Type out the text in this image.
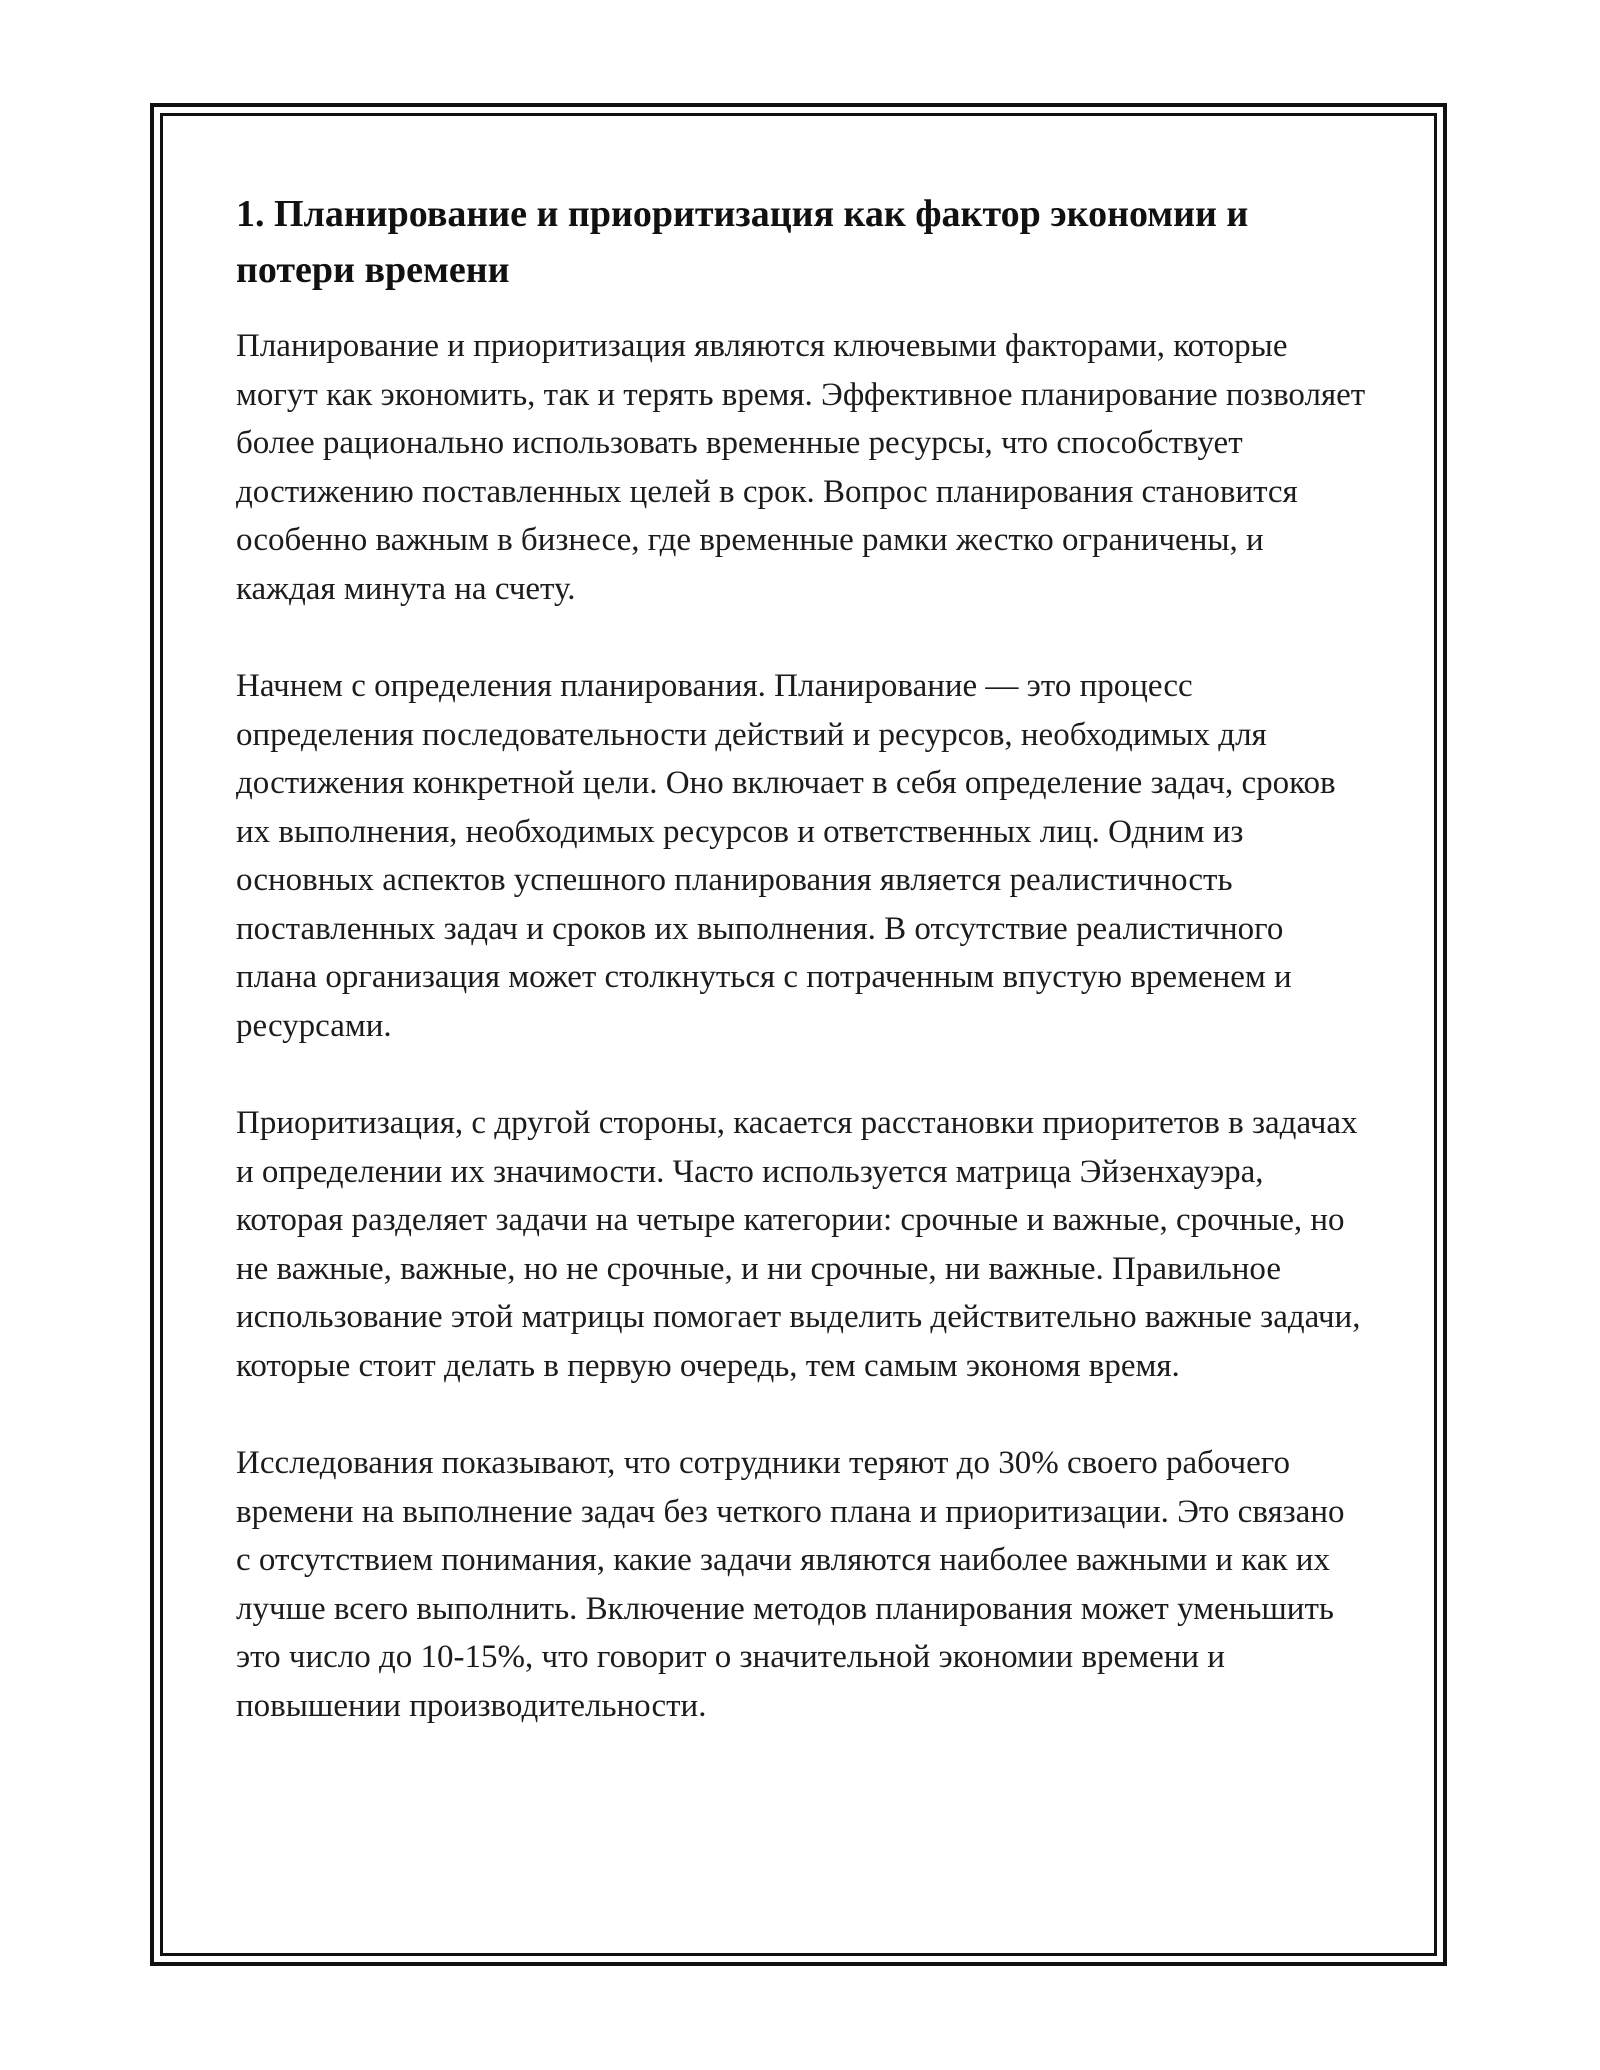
1. Планирование и приоритизация как фактор экономии и потери времени

Планирование и приоритизация являются ключевыми факторами, которые могут как экономить, так и терять время. Эффективное планирование позволяет более рационально использовать временные ресурсы, что способствует достижению поставленных целей в срок. Вопрос планирования становится особенно важным в бизнесе, где временные рамки жестко ограничены, и каждая минута на счету.

Начнем с определения планирования. Планирование — это процесс определения последовательности действий и ресурсов, необходимых для достижения конкретной цели. Оно включает в себя определение задач, сроков их выполнения, необходимых ресурсов и ответственных лиц. Одним из основных аспектов успешного планирования является реалистичность поставленных задач и сроков их выполнения. В отсутствие реалистичного плана организация может столкнуться с потраченным впустую временем и ресурсами.

Приоритизация, с другой стороны, касается расстановки приоритетов в задачах и определении их значимости. Часто используется матрица Эйзенхауэра, которая разделяет задачи на четыре категории: срочные и важные, срочные, но не важные, важные, но не срочные, и ни срочные, ни важные. Правильное использование этой матрицы помогает выделить действительно важные задачи, которые стоит делать в первую очередь, тем самым экономя время.

Исследования показывают, что сотрудники теряют до 30% своего рабочего времени на выполнение задач без четкого плана и приоритизации. Это связано с отсутствием понимания, какие задачи являются наиболее важными и как их лучше всего выполнить. Включение методов планирования может уменьшить это число до 10-15%, что говорит о значительной экономии времени и повышении производительности.
